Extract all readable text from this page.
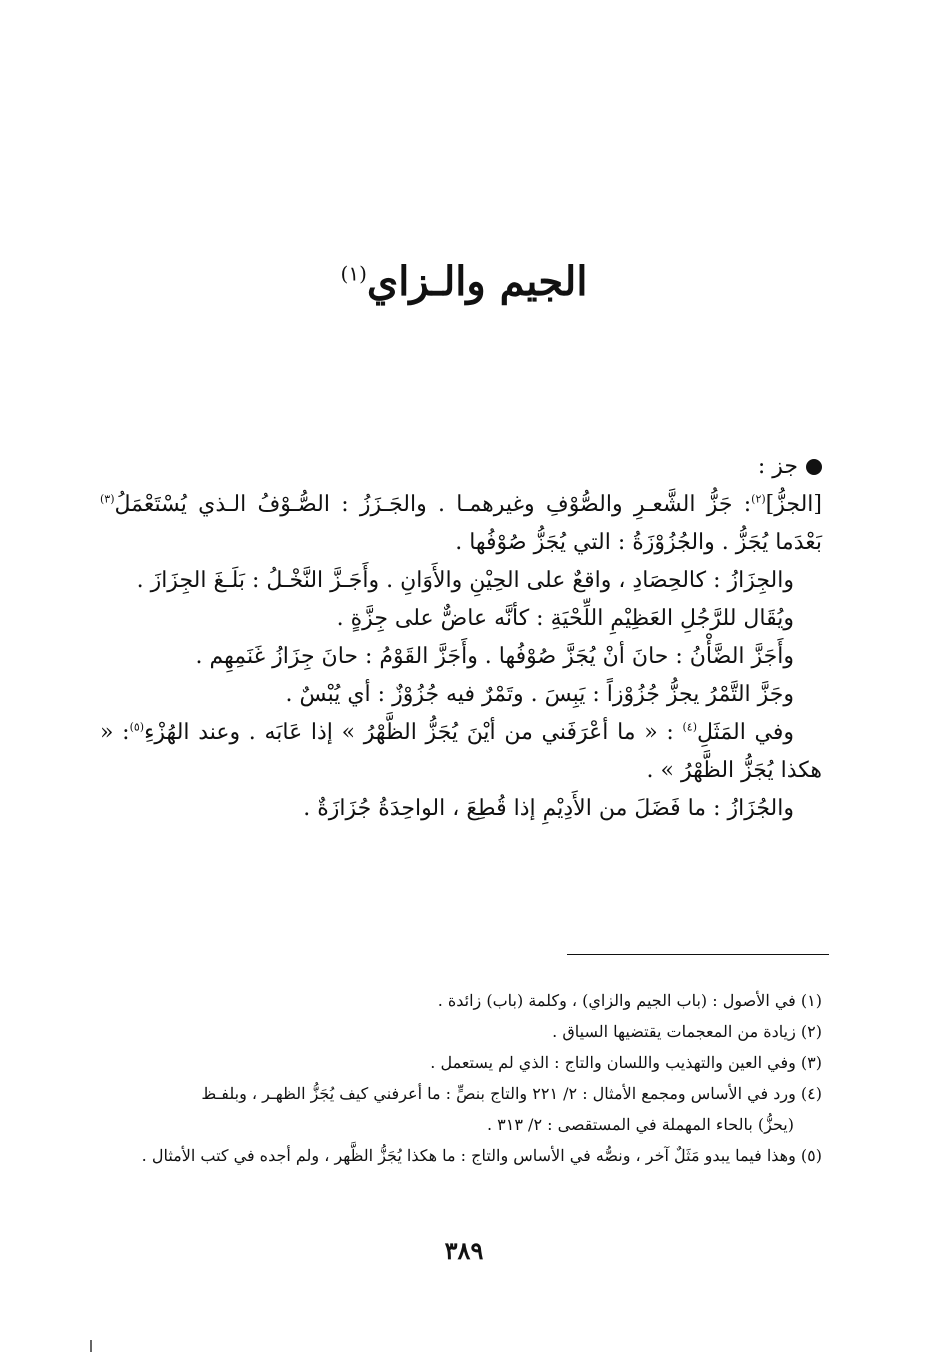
الجيم والـزاي$^{(١)}$

جز :

[الجزُّ]$^{(٢)}$: جَزُّ الشَّعـرِ والصُّوْفِ وغيرهمـا . والجَـزَزُ : الصُّـوْفُ الـذي يُسْتَعْمَلُ$^{(٣)}$ بَعْدَما يُجَزُّ . والجُزُوْزَةُ : التي يُجَزُّ صُوْفُها .

والجِزَازُ : كالحِصَادِ ، واقعٌ على الحِيْنِ والأَوَانِ . وأَجَـزَّ النَّخْـلُ : بَلَـغَ الجِزَازَ .

ويُقَال للرَّجُلِ العَظِيْمِ اللِّحْيَةِ : كأنَّه عاضٌّ على جِزَّةٍ .

وأَجَزَّ الضَّأْنُ : حانَ أنْ يُجَزَّ صُوْفُها . وأَجَزَّ القَوْمُ : حانَ جِزَازُ غَنَمِهِم .

وجَزَّ التَّمْرُ يجزُّ جُزُوْزاً : يَبِسَ . وتَمْرٌ فيه جُزُوْزٌ : أي يُبْسٌ .

وفي المَثَلِ$^{(٤)}$ : « ما أعْرَفَني من أيْنَ يُجَزُّ الظَّهْرُ » إذا عَابَه . وعند الهُزْءِ$^{(٥)}$: « هكذا يُجَزُّ الظَّهْرُ » .

والجُزَازُ : ما فَضَلَ من الأَدِيْمِ إذا قُطِعَ ، الواحِدَةُ جُزَازَةٌ .

(١) في الأصول : (باب الجيم والزاي) ، وكلمة (باب) زائدة .

(٢) زيادة من المعجمات يقتضيها السياق .

(٣) وفي العين والتهذيب واللسان والتاج : الذي لم يستعمل .

(٤) ورد في الأساس ومجمع الأمثال : ٢/ ٢٢١ والتاج بنصٍّ : ما أعرفني كيف يُجَزُّ الظهـر ، وبلفـظ

(يحزُّ) بالحاء المهملة في المستقصى : ٢/ ٣١٣ .

(٥) وهذا فيما يبدو مَثَلٌ آخر ، ونصُّه في الأساس والتاج : ما هكذا يُجَزُّ الظَّهر ، ولم أجده في كتب الأمثال .

٣٨٩
